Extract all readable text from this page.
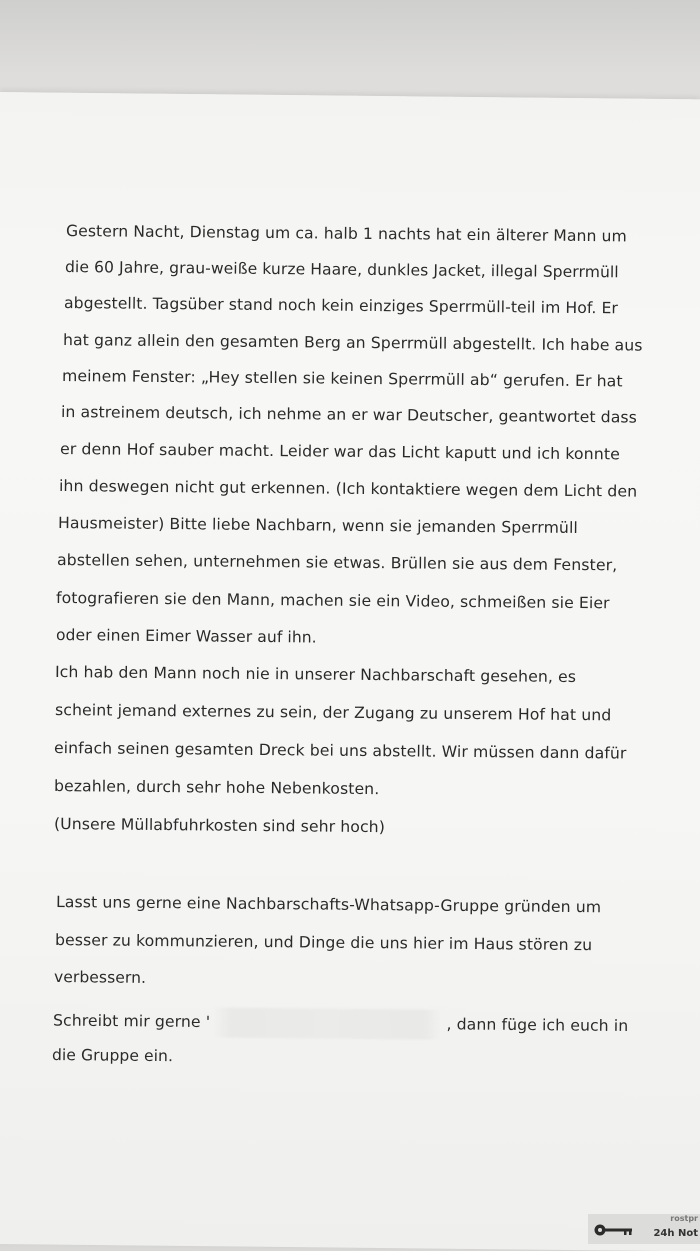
Gestern Nacht, Dienstag um ca. halb 1 nachts hat ein älterer Mann um
die 60 Jahre, grau-weiße kurze Haare, dunkles Jacket, illegal Sperrmüll
abgestellt. Tagsüber stand noch kein einziges Sperrmüll-teil im Hof. Er
hat ganz allein den gesamten Berg an Sperrmüll abgestellt. Ich habe aus
meinem Fenster: „Hey stellen sie keinen Sperrmüll ab“ gerufen. Er hat
in astreinem deutsch, ich nehme an er war Deutscher, geantwortet dass
er denn Hof sauber macht. Leider war das Licht kaputt und ich konnte
ihn deswegen nicht gut erkennen. (Ich kontaktiere wegen dem Licht den
Hausmeister) Bitte liebe Nachbarn, wenn sie jemanden Sperrmüll
abstellen sehen, unternehmen sie etwas. Brüllen sie aus dem Fenster,
fotografieren sie den Mann, machen sie ein Video, schmeißen sie Eier
oder einen Eimer Wasser auf ihn.
Ich hab den Mann noch nie in unserer Nachbarschaft gesehen, es
scheint jemand externes zu sein, der Zugang zu unserem Hof hat und
einfach seinen gesamten Dreck bei uns abstellt. Wir müssen dann dafür
bezahlen, durch sehr hohe Nebenkosten.
(Unsere Müllabfuhrkosten sind sehr hoch)
Lasst uns gerne eine Nachbarschafts-Whatsapp-Gruppe gründen um
besser zu kommunzieren, und Dinge die uns hier im Haus stören zu
verbessern.
Schreibt mir gerne '	, dann füge ich euch in
die Gruppe ein.
rostpr
24h Not
